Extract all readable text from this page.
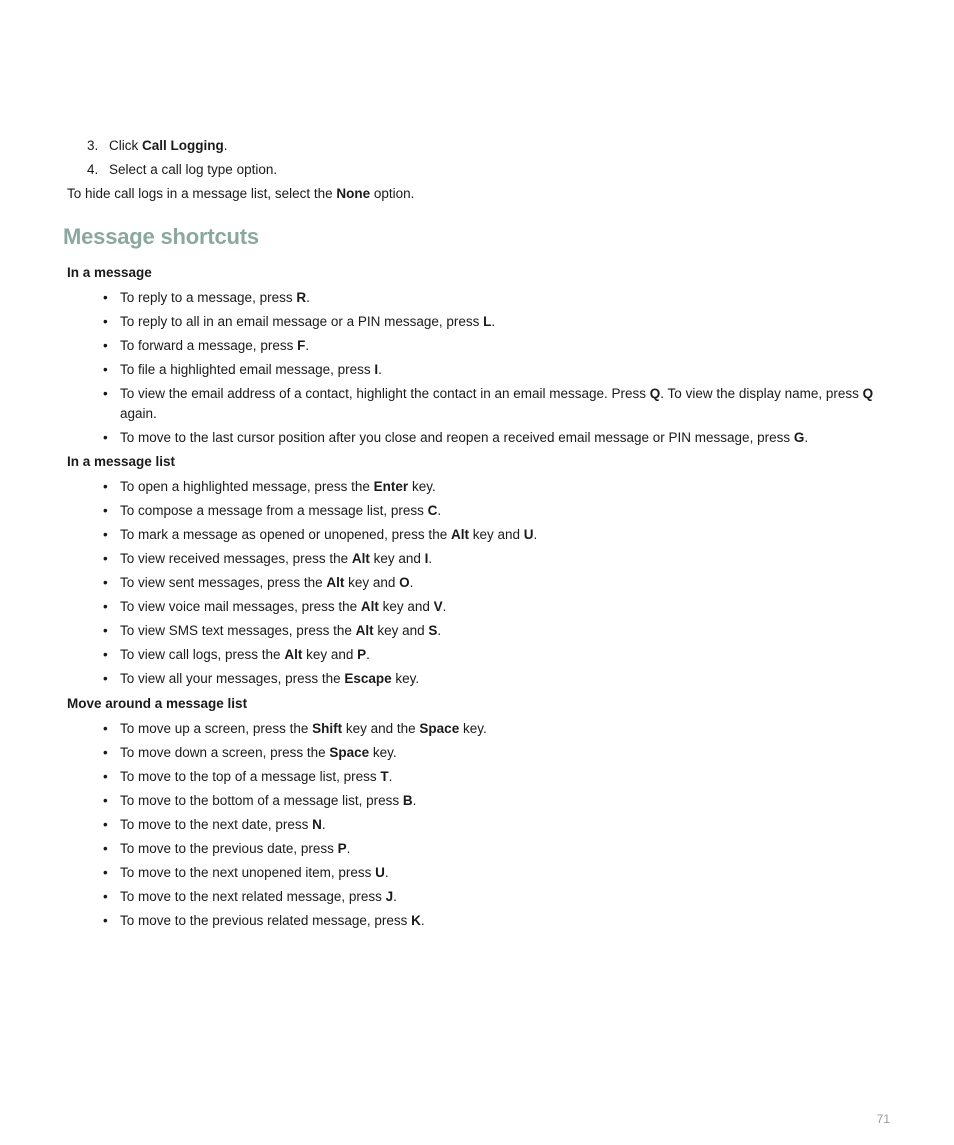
3. Click Call Logging.
4. Select a call log type option.

To hide call logs in a message list, select the None option.

Message shortcuts
In a message
• To reply to a message, press R.
• To reply to all in an email message or a PIN message, press L.
• To forward a message, press F.
• To file a highlighted email message, press I.
• To view the email address of a contact, highlight the contact in an email message. Press Q. To view the display name, press Q again.
• To move to the last cursor position after you close and reopen a received email message or PIN message, press G.
In a message list
• To open a highlighted message, press the Enter key.
• To compose a message from a message list, press C.
• To mark a message as opened or unopened, press the Alt key and U.
• To view received messages, press the Alt key and I.
• To view sent messages, press the Alt key and O.
• To view voice mail messages, press the Alt key and V.
• To view SMS text messages, press the Alt key and S.
• To view call logs, press the Alt key and P.
• To view all your messages, press the Escape key.
Move around a message list
• To move up a screen, press the Shift key and the Space key.
• To move down a screen, press the Space key.
• To move to the top of a message list, press T.
• To move to the bottom of a message list, press B.
• To move to the next date, press N.
• To move to the previous date, press P.
• To move to the next unopened item, press U.
• To move to the next related message, press J.
• To move to the previous related message, press K.
71
